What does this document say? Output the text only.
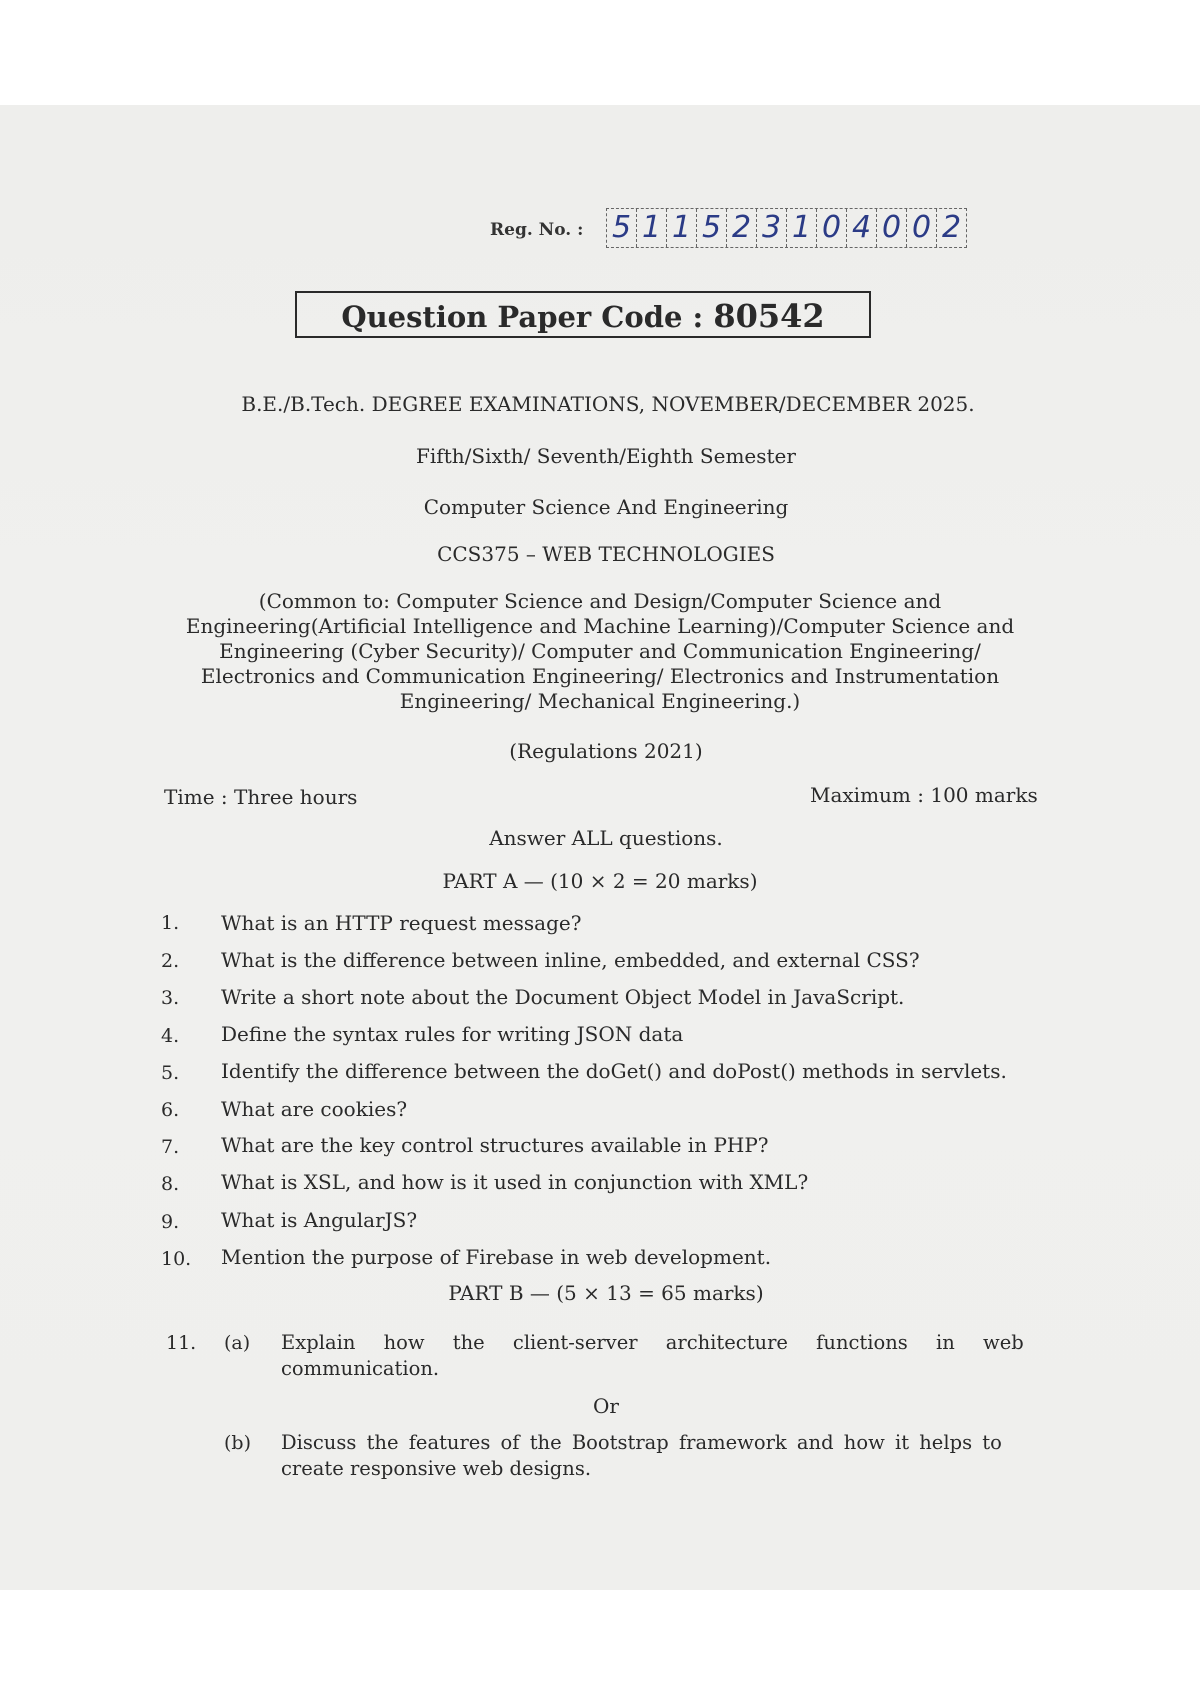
Reg. No. : 5 1 1 5 2 3 1 0 4 0 0 2
Question Paper Code : 80542
B.E./B.Tech. DEGREE EXAMINATIONS, NOVEMBER/DECEMBER 2025.
Fifth/Sixth/ Seventh/Eighth Semester
Computer Science And Engineering
CCS375 – WEB TECHNOLOGIES
(Common to: Computer Science and Design/Computer Science and
Engineering(Artificial Intelligence and Machine Learning)/Computer Science and
Engineering (Cyber Security)/ Computer and Communication Engineering/
Electronics and Communication Engineering/ Electronics and Instrumentation
Engineering/ Mechanical Engineering.)
(Regulations 2021)
Time : Three hours	Maximum : 100 marks
Answer ALL questions.
PART A — (10 × 2 = 20 marks)
1. What is an HTTP request message?
2. What is the difference between inline, embedded, and external CSS?
3. Write a short note about the Document Object Model in JavaScript.
4. Define the syntax rules for writing JSON data
5. Identify the difference between the doGet() and doPost() methods in servlets.
6. What are cookies?
7. What are the key control structures available in PHP?
8. What is XSL, and how is it used in conjunction with XML?
9. What is AngularJS?
10. Mention the purpose of Firebase in web development.
PART B — (5 × 13 = 65 marks)
11. (a) Explain how the client-server architecture functions in web
communication.
Or
(b) Discuss the features of the Bootstrap framework and how it helps to
create responsive web designs.
